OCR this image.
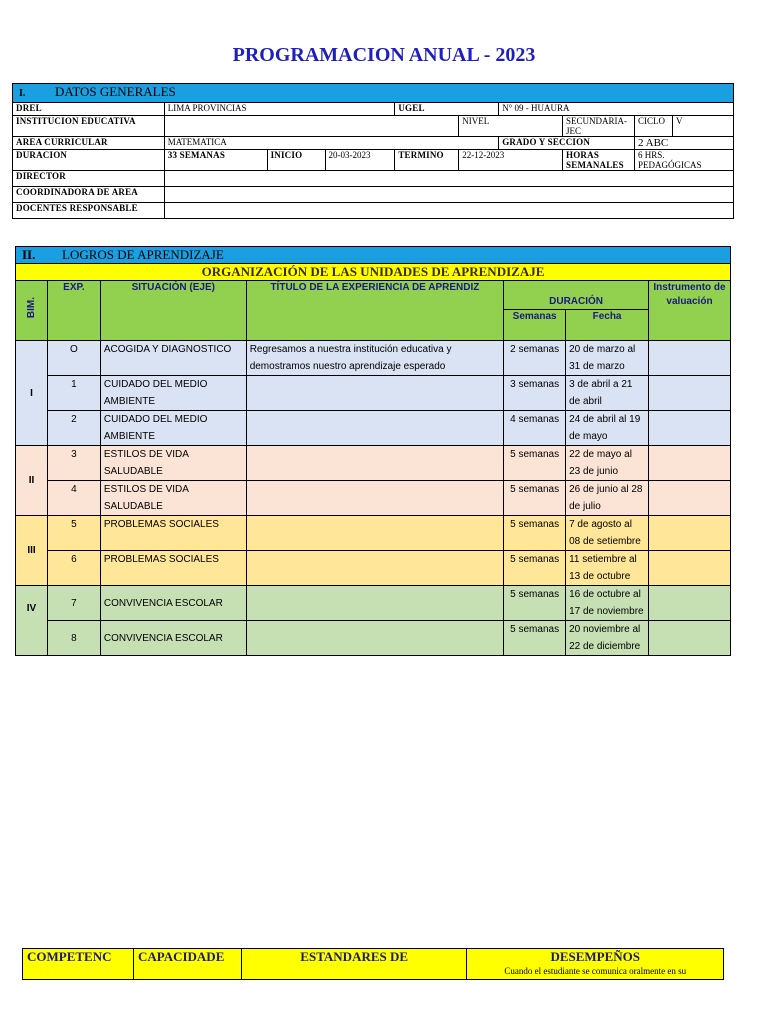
PROGRAMACION ANUAL - 2023
I. DATOS GENERALES									
DREL	LIMA PROVINCIAS			UGEL		N° 09 - HUAURA			
INSTITUCION EDUCATIVA					NIVEL		SECUNDARIA-JEC	CICLO	V
AREA CURRICULAR	MATEMATICA					GRADO Y SECCION		2 ABC	
DURACION	33 SEMANAS	INICIO	20-03-2023	TERMINO	22-12-2023		HORAS SEMANALES	6 HRS. PEDAGÓGICAS	
DIRECTOR									
COORDINADORA DE AREA									
DOCENTES RESPONSABLE									
II. LOGROS DE APRENDIZAJE						
ORGANIZACIÓN DE LAS UNIDADES DE APRENDIZAJE						
BIM.	EXP.	SITUACIÓN (EJE)	TÍTULO DE LA EXPERIENCIA DE APRENDIZ	DURACIÓN		Instrumento de valuación
				Semanas	Fecha	
I	O	ACOGIDA Y DIAGNOSTICO	Regresamos a nuestra institución educativa y demostramos nuestro aprendizaje esperado	2 semanas	20 de marzo al 31 de marzo	
	1	CUIDADO DEL MEDIO AMBIENTE		3 semanas	3 de abril a 21 de abril	
	2	CUIDADO DEL MEDIO AMBIENTE		4 semanas	24 de abril al 19 de mayo	
II	3	ESTILOS DE VIDA SALUDABLE		5 semanas	22 de mayo al 23 de junio	
	4	ESTILOS DE VIDA SALUDABLE		5 semanas	26 de junio al 28 de julio	
III	5	PROBLEMAS SOCIALES		5 semanas	7 de agosto al 08 de setiembre	
	6	PROBLEMAS SOCIALES		5 semanas	11 setiembre al 13 de octubre	
IV	7	CONVIVENCIA ESCOLAR		5 semanas	16 de octubre al 17 de noviembre	
	8	CONVIVENCIA ESCOLAR		5 semanas	20 noviembre al 22 de diciembre	
COMPETENC	CAPACIDADE	ESTANDARES DE	DESEMPEÑOS
Cuando el estudiante se comunica oralmente en su
